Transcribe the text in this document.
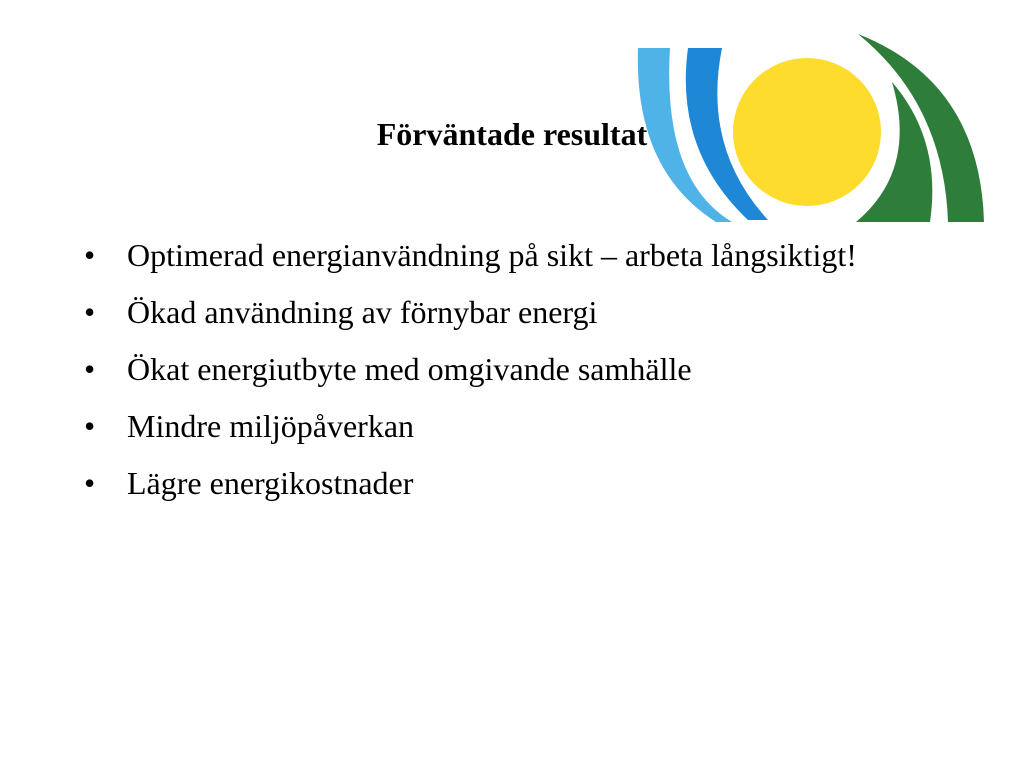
Förväntade resultat
• Optimerad energianvändning på sikt – arbeta långsiktigt!
• Ökad användning av förnybar energi
• Ökat energiutbyte med omgivande samhälle
• Mindre miljöpåverkan
• Lägre energikostnader
